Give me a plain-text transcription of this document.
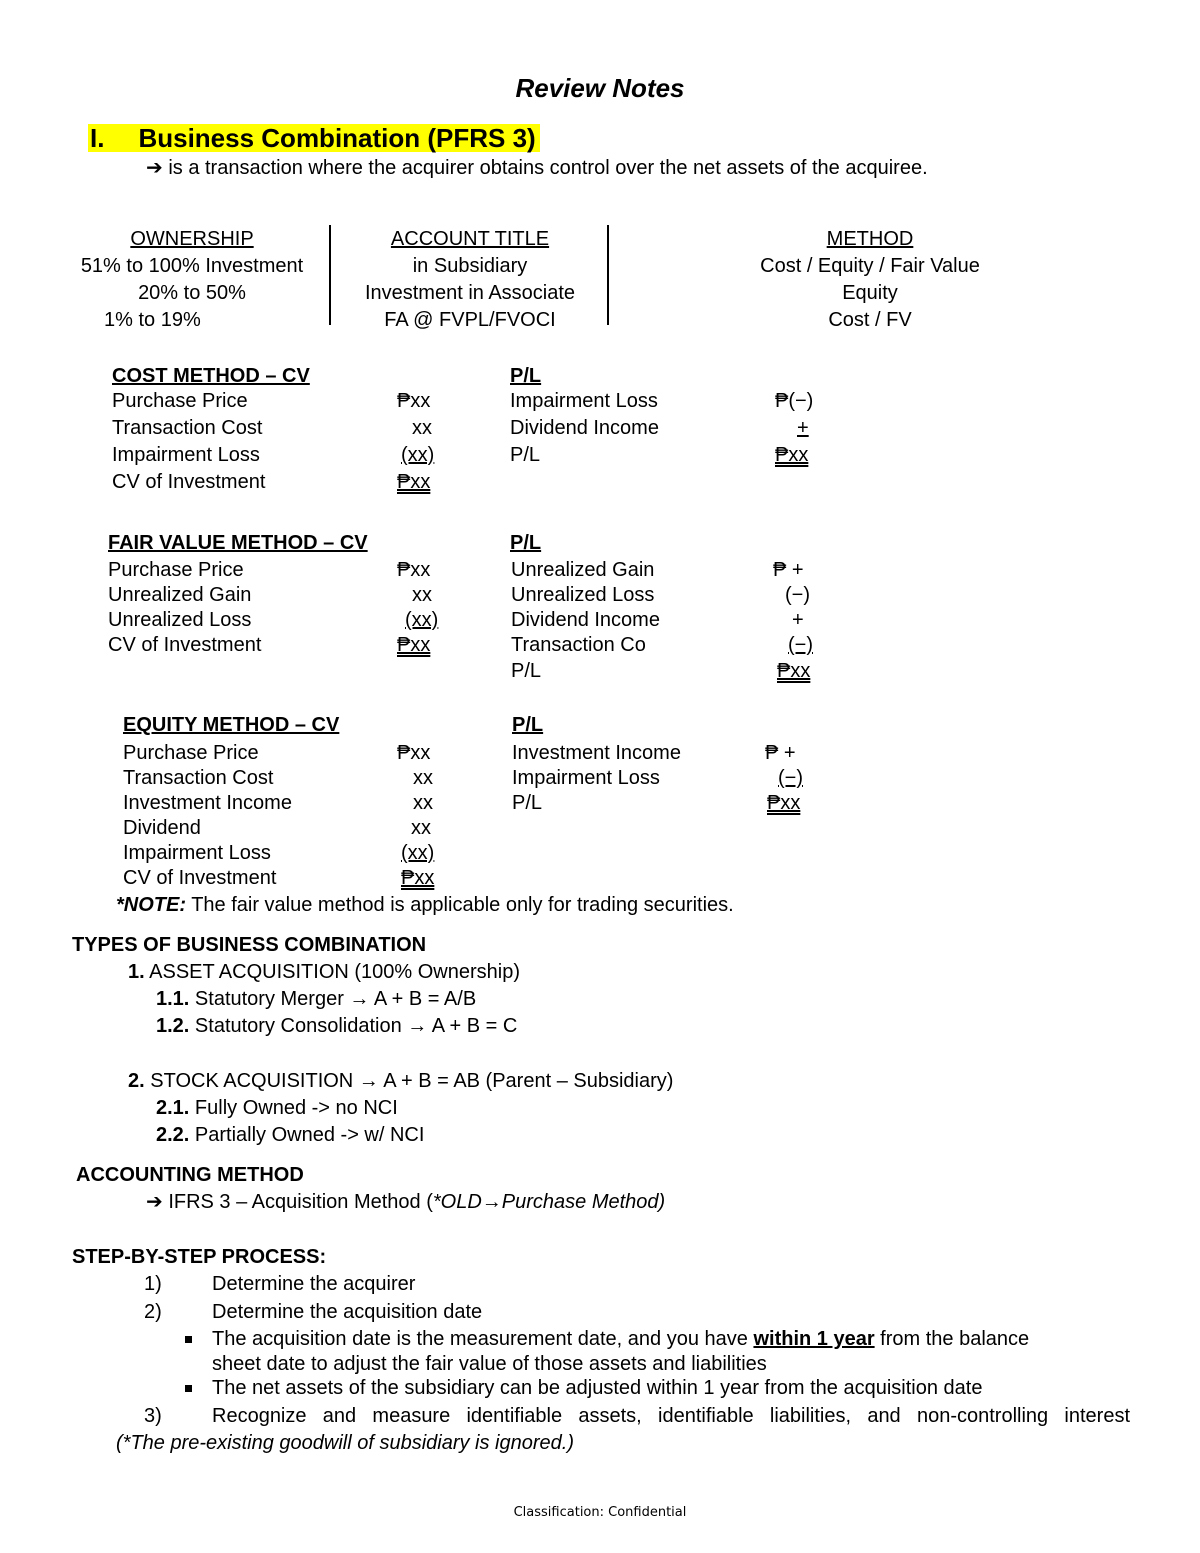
Review Notes
I. Business Combination (PFRS 3)
➔ is a transaction where the acquirer obtains control over the net assets of the acquiree.
OWNERSHIP	ACCOUNT TITLE	METHOD
51% to 100% Investment	in Subsidiary	Cost / Equity / Fair Value
20% to 50%	Investment in Associate	Equity
1% to 19%	FA @ FVPL/FVOCI	Cost / FV
COST METHOD – CV
Purchase Price	₱xx
Transaction Cost	xx
Impairment Loss	(xx)
CV of Investment	₱xx
P/L
Impairment Loss	₱(−)
Dividend Income	+
P/L	₱xx
FAIR VALUE METHOD – CV
Purchase Price	₱xx
Unrealized Gain	xx
Unrealized Loss	(xx)
CV of Investment	₱xx
P/L
Unrealized Gain	₱ +
Unrealized Loss	(−)
Dividend Income	+
Transaction Co	(−)
P/L	₱xx
EQUITY METHOD – CV
Purchase Price	₱xx
Transaction Cost	xx
Investment Income	xx
Dividend	xx
Impairment Loss	(xx)
CV of Investment	₱xx
P/L
Investment Income	₱ +
Impairment Loss	(−)
P/L	₱xx
*NOTE: The fair value method is applicable only for trading securities.
TYPES OF BUSINESS COMBINATION
1. ASSET ACQUISITION (100% Ownership)
1.1. Statutory Merger → A + B = A/B
1.2. Statutory Consolidation → A + B = C
2. STOCK ACQUISITION → A + B = AB (Parent – Subsidiary)
2.1. Fully Owned -> no NCI
2.2. Partially Owned -> w/ NCI
ACCOUNTING METHOD
➔ IFRS 3 – Acquisition Method (*OLD→Purchase Method)
STEP-BY-STEP PROCESS:
1)	Determine the acquirer
2)	Determine the acquisition date
The acquisition date is the measurement date, and you have within 1 year from the balance
sheet date to adjust the fair value of those assets and liabilities
The net assets of the subsidiary can be adjusted within 1 year from the acquisition date
3)	Recognize and measure identifiable assets, identifiable liabilities, and non-controlling interest
(*The pre-existing goodwill of subsidiary is ignored.)
Classification: Confidential
